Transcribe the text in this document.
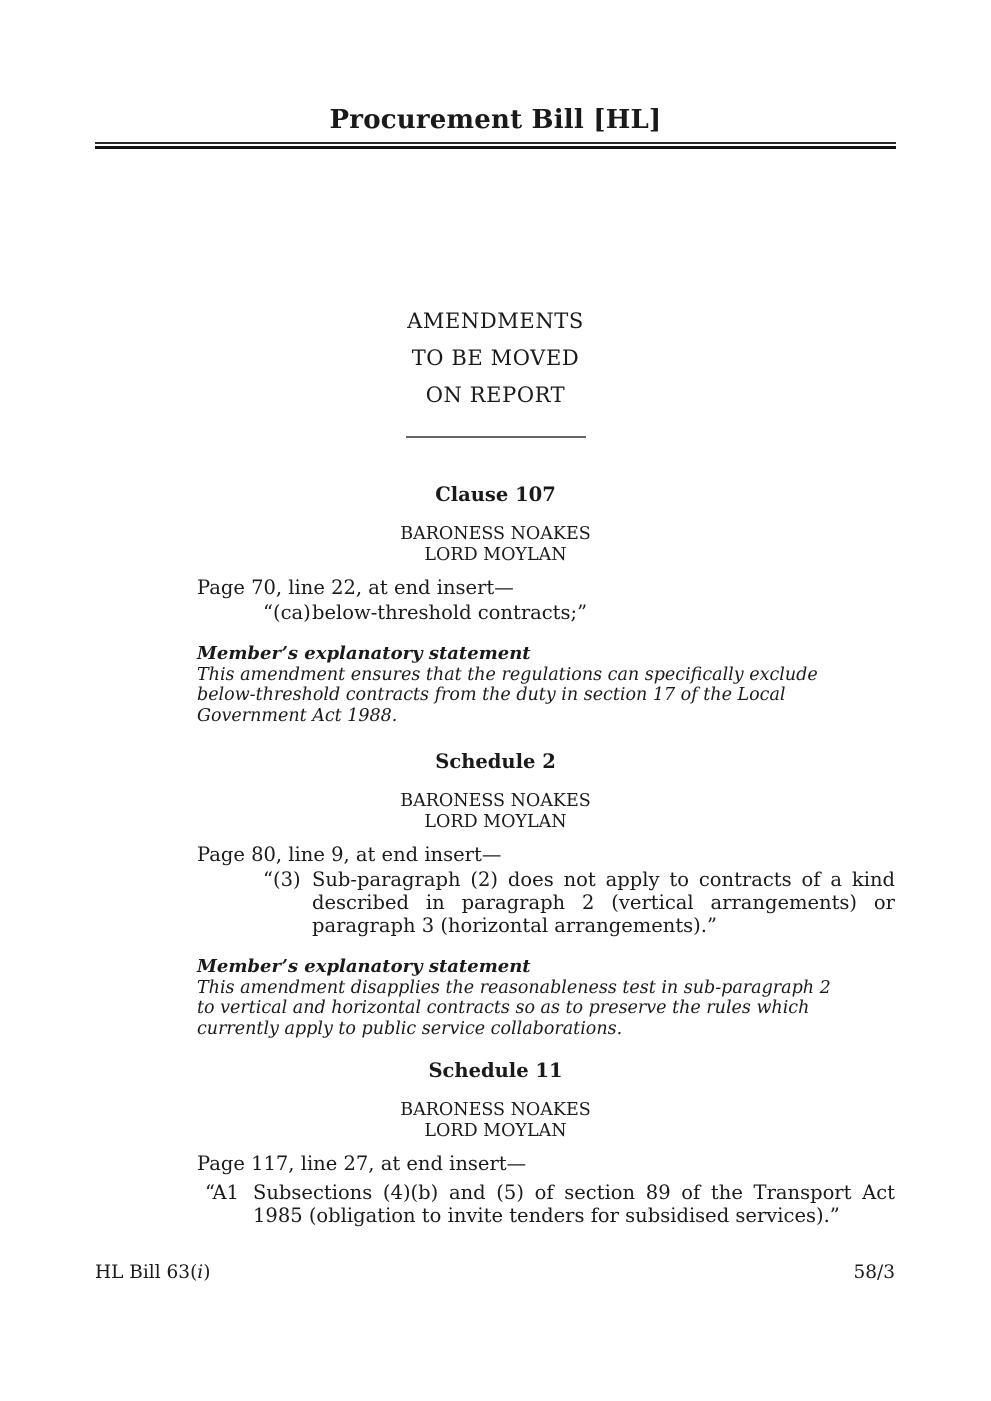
Procurement Bill [HL]
AMENDMENTS
TO BE MOVED
ON REPORT
Clause 107
BARONESS NOAKES
LORD MOYLAN
Page 70, line 22, at end insert—
“(ca) below-threshold contracts;”
Member’s explanatory statement
This amendment ensures that the regulations can specifically exclude below-threshold contracts from the duty in section 17 of the Local Government Act 1988.
Schedule 2
BARONESS NOAKES
LORD MOYLAN
Page 80, line 9, at end insert—
“(3) Sub-paragraph (2) does not apply to contracts of a kind described in paragraph 2 (vertical arrangements) or paragraph 3 (horizontal arrangements).”
Member’s explanatory statement
This amendment disapplies the reasonableness test in sub-paragraph 2 to vertical and horizontal contracts so as to preserve the rules which currently apply to public service collaborations.
Schedule 11
BARONESS NOAKES
LORD MOYLAN
Page 117, line 27, at end insert—
“A1 Subsections (4)(b) and (5) of section 89 of the Transport Act 1985 (obligation to invite tenders for subsidised services).”
HL Bill 63(i)	58/3
